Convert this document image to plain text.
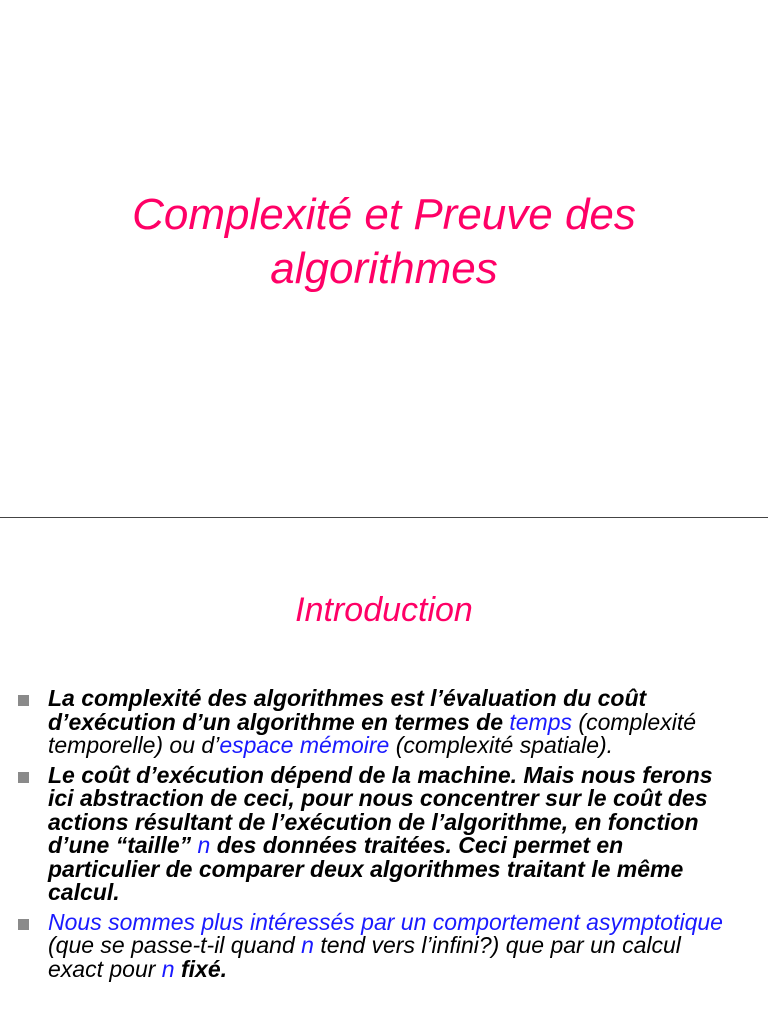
Complexité et Preuve des
algorithmes
Introduction
La complexité des algorithmes est l’évaluation du coût d’exécution d’un algorithme en termes de temps (complexité temporelle) ou d’espace mémoire (complexité spatiale).
Le coût d’exécution dépend de la machine. Mais nous ferons ici abstraction de ceci, pour nous concentrer sur le coût des actions résultant de l’exécution de l’algorithme, en fonction d’une “taille” n des données traitées. Ceci permet en particulier de comparer deux algorithmes traitant le même calcul.
Nous sommes plus intéressés par un comportement asymptotique (que se passe-t-il quand n tend vers l’infini?) que par un calcul exact pour n fixé.
